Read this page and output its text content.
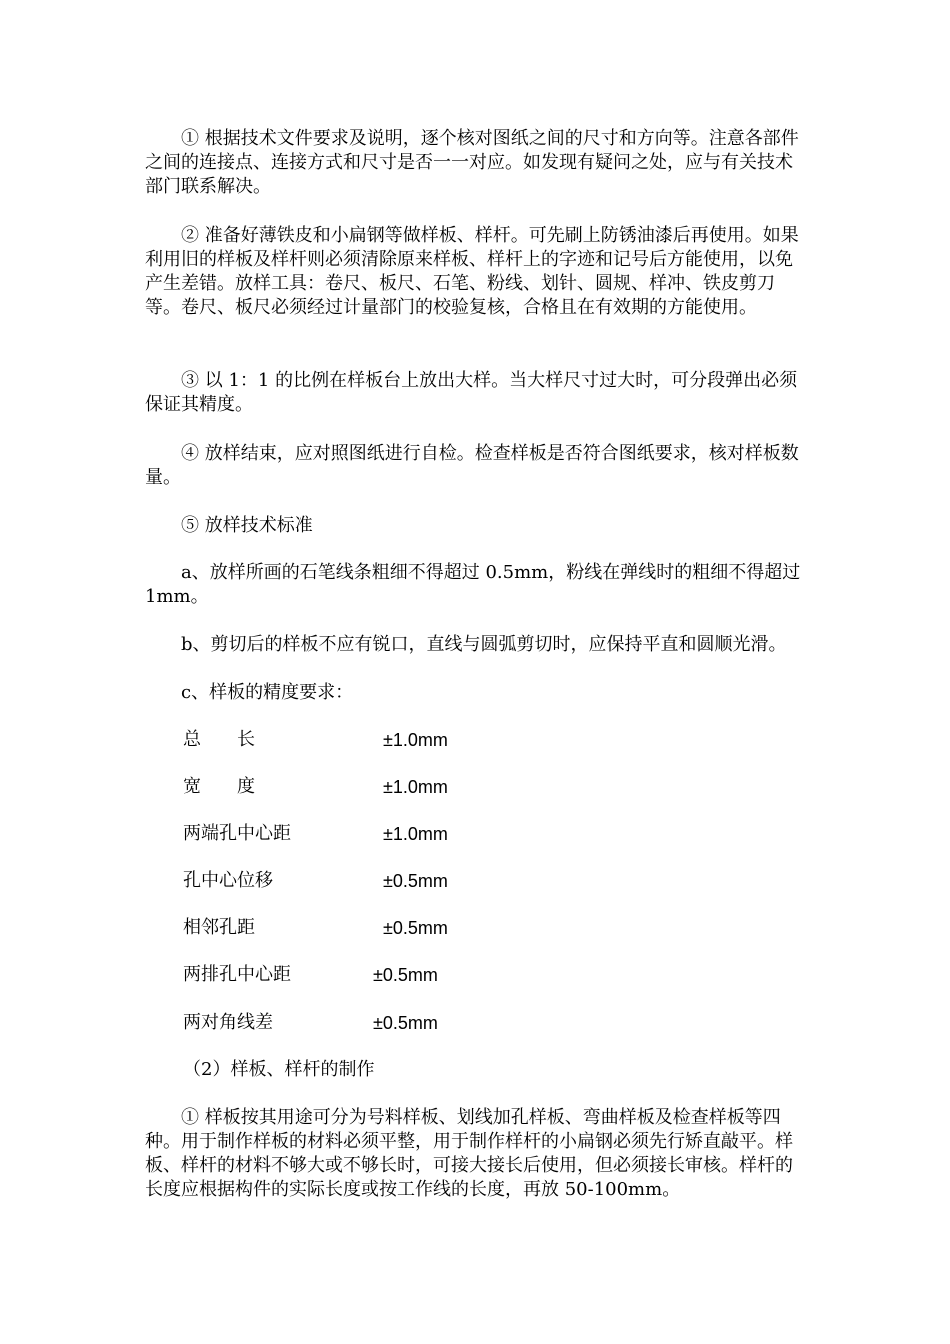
① 根据技术文件要求及说明，逐个核对图纸之间的尺寸和方向等。注意各部件之间的连接点、连接方式和尺寸是否一一对应。如发现有疑问之处，应与有关技术部门联系解决。

② 准备好薄铁皮和小扁钢等做样板、样杆。可先刷上防锈油漆后再使用。如果利用旧的样板及样杆则必须清除原来样板、样杆上的字迹和记号后方能使用，以免产生差错。放样工具：卷尺、板尺、石笔、粉线、划针、圆规、样冲、铁皮剪刀等。卷尺、板尺必须经过计量部门的校验复核，合格且在有效期的方能使用。

③ 以 1：1 的比例在样板台上放出大样。当大样尺寸过大时，可分段弹出必须保证其精度。

④ 放样结束，应对照图纸进行自检。检查样板是否符合图纸要求，核对样板数量。

⑤ 放样技术标准

a、放样所画的石笔线条粗细不得超过 0.5mm，粉线在弹线时的粗细不得超过 1mm。

b、剪切后的样板不应有锐口，直线与圆弧剪切时，应保持平直和圆顺光滑。

c、样板的精度要求：

总　　长	±1.0mm
宽　　度	±1.0mm
两端孔中心距	±1.0mm
孔中心位移	±0.5mm
相邻孔距	±0.5mm
两排孔中心距	±0.5mm
两对角线差	±0.5mm

（2）样板、样杆的制作

① 样板按其用途可分为号料样板、划线加孔样板、弯曲样板及检查样板等四种。用于制作样板的材料必须平整，用于制作样杆的小扁钢必须先行矫直敲平。样板、样杆的材料不够大或不够长时，可接大接长后使用，但必须接长审核。样杆的长度应根据构件的实际长度或按工作线的长度，再放 50-100mm。
